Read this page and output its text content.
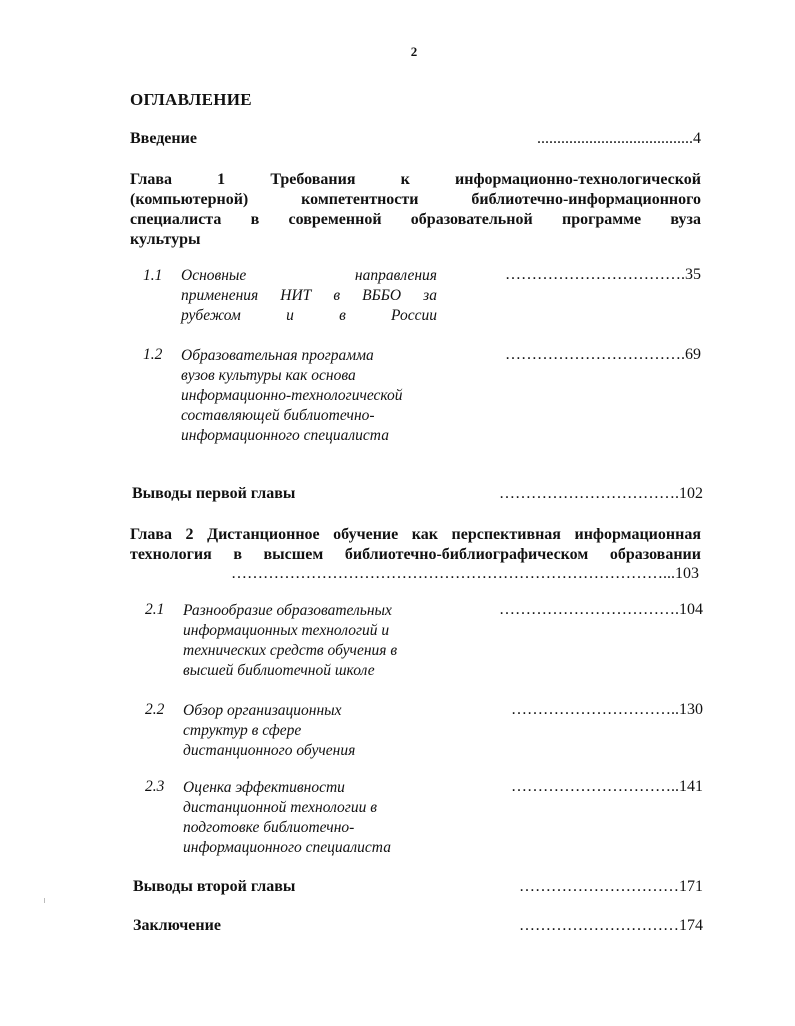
2
ОГЛАВЛЕНИЕ
Введение	.......................................4
Глава	1	Требования	к	информационно-технологической
(компьютерной)	компетентности	библиотечно-информационного
специалиста в современной образовательной программе вуза
культуры
1.1 Основные	направления
применения НИТ в ВББО за
рубежом	и	в	России
…………………………….35
1.2 Образовательная программа
вузов культуры как основа
информационно-технологической
составляющей библиотечно-
информационного специалиста
…………………………….69
Выводы первой главы	…………………………….102
Глава 2 Дистанционное обучение как перспективная информационная
технология в высшем библиотечно-библиографическом образовании
………………………………………………………………………...103
2.1 Разнообразие образовательных
информационных технологий и
технических средств обучения в
высшей библиотечной школе
…………………………….104
2.2 Обзор организационных
структур в сфере
дистанционного обучения
…………………………..130
2.3 Оценка эффективности
дистанционной технологии в
подготовке библиотечно-
информационного специалиста
…………………………..141
Выводы второй главы	…………………………171
Заключение	…………………………174
